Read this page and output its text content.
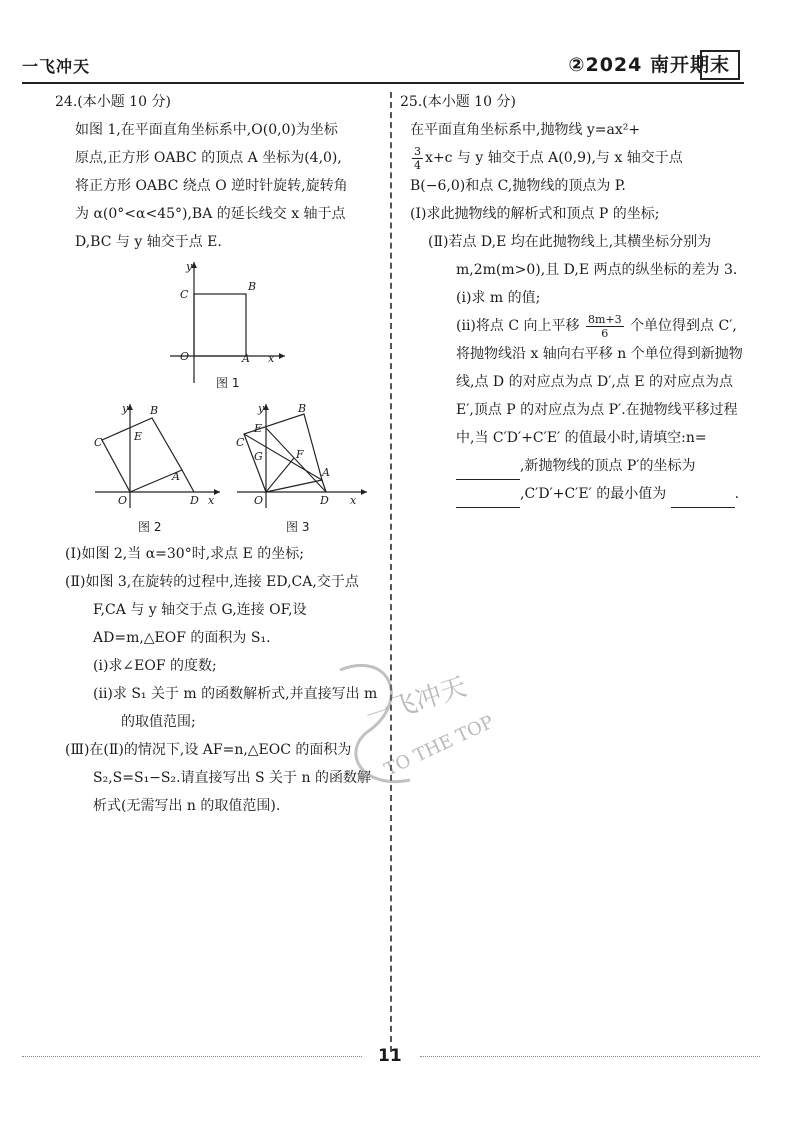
一飞冲天	②2024 南开期末
24.(本小题 10 分)
如图 1,在平面直角坐标系中,O(0,0)为坐标
原点,正方形 OABC 的顶点 A 坐标为(4,0),
将正方形 OABC 绕点 O 逆时针旋转,旋转角
为 α(0°<α<45°),BA 的延长线交 x 轴于点
D,BC 与 y 轴交于点 E.
y
C
B
O	A x
图 1
y B
E
C
A
O	D x
图 2
y	B
E
C
G	F
A
O	D x
图 3
(Ⅰ)如图 2,当 α=30°时,求点 E 的坐标;
(Ⅱ)如图 3,在旋转的过程中,连接 ED,CA,交于点 F,CA 与 y 轴交于点 G,连接 OF,设 AD=m,△EOF 的面积为 S₁.
(ⅰ)求∠EOF 的度数;
(ⅱ)求 S₁ 关于 m 的函数解析式,并直接写出 m 的取值范围;
(Ⅲ)在(Ⅱ)的情况下,设 AF=n,△EOC 的面积为 S₂,S=S₁−S₂.请直接写出 S 关于 n 的函数解析式(无需写出 n 的取值范围).
25.(本小题 10 分)
在平面直角坐标系中,抛物线 y=ax²+
$\frac{3}{4} x+c$ 与 y 轴交于点 A(0,9),与 x 轴交于点
B(−6,0)和点 C,抛物线的顶点为 P.
(Ⅰ)求此抛物线的解析式和顶点 P 的坐标;
(Ⅱ)若点 D,E 均在此抛物线上,其横坐标分别为 m,2m(m>0),且 D,E 两点的纵坐标的差为 3.
(ⅰ)求 m 的值;
(ⅱ)将点 C 向上平移 $\frac{8m+3}{6}$ 个单位得到点 C′,将抛物线沿 x 轴向右平移 n 个单位得到新抛物线,点 D 的对应点为点 D′,点 E 的对应点为点 E′,顶点 P 的对应点为点 P′.在抛物线平移过程中,当 C′D′+C′E′ 的值最小时,请填空:n= ,新抛物线的顶点 P′的坐标为 ,C′D′+C′E′ 的最小值为	.
一飞冲天
TO THE TOP
11
